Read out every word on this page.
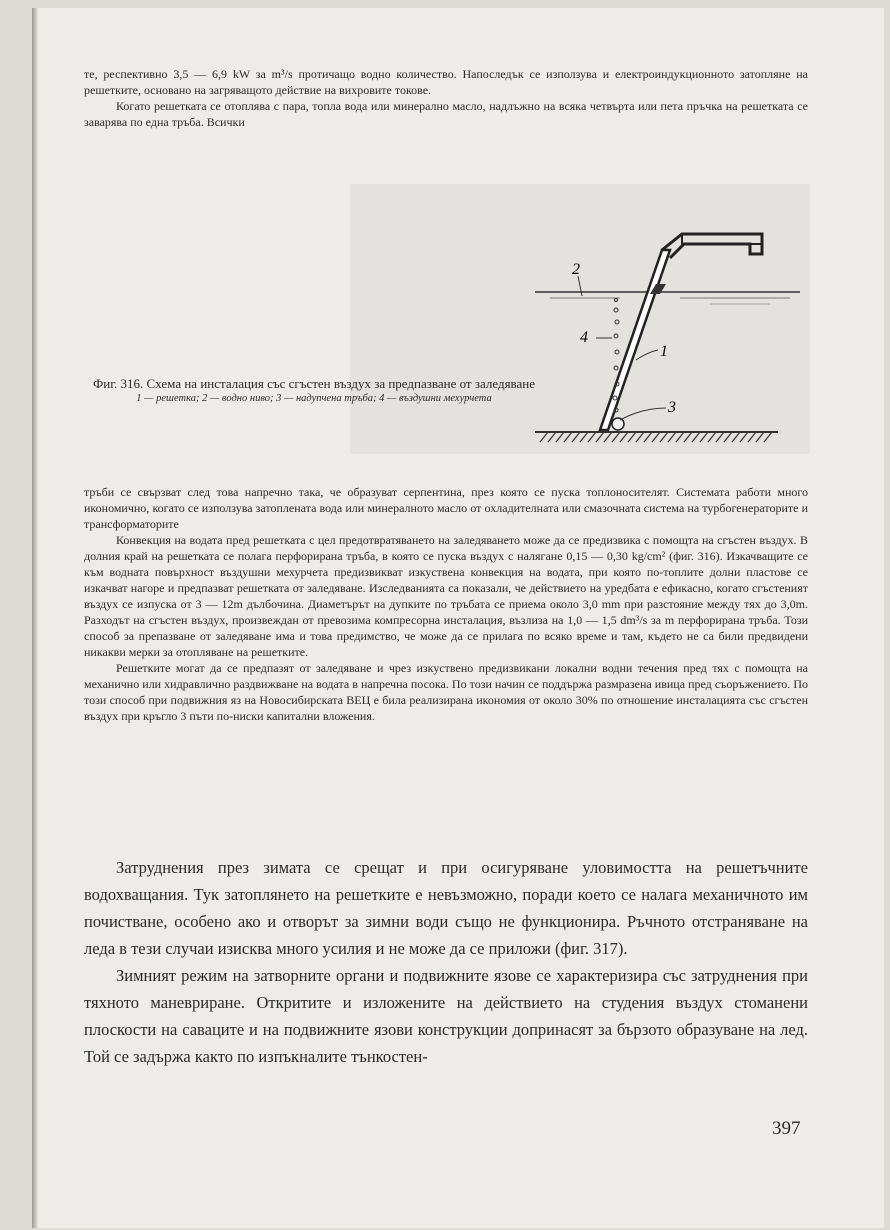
те, респективно 3,5 — 6,9 kW за m³/s протичащо водно количество. Напоследък се използува и електроиндукционното затопляне на решетките, основано на загряващото действие на вихровите токове.

Когато решетката се отоплява с пара, топла вода или минерално масло, надлъжно на всяка четвърта или пета пръчка на решетката се заварява по една тръба. Всички

2
4
1
3
Фиг. 316. Схема на инсталация със сгъстен въздух за предпазване от заледяване
1 — решетка; 2 — водно ниво; 3 — надупчена тръба; 4 — въздушни мехурчета

тръби се свързват след това напречно така, че образуват серпентина, през която се пуска топлоносителят. Системата работи много икономично, когато се използува затоплената вода или минералното масло от охладителната или смазочната система на турбогенераторите и трансформаторите

Конвекция на водата пред решетката с цел предотвратяването на заледяването може да се предизвика с помощта на сгъстен въздух. В долния край на решетката се полага перфорирана тръба, в която се пуска въздух с налягане 0,15 — 0,30 kg/cm² (фиг. 316). Изкачващите се към водната повърхност въздушни мехурчета предизвикват изкуствена конвекция на водата, при която по-топлите долни пластове се изкачват нагоре и предпазват решетката от заледяване. Изследванията са показали, че действието на уредбата е ефикасно, когато сгъстеният въздух се изпуска от 3 — 12m дълбочина. Диаметърът на дупките по тръбата се приема около 3,0 mm при разстояние между тях до 3,0m. Разходът на сгъстен въздух, произвеждан от превозима компресорна инсталация, възлиза на 1,0 — 1,5 dm³/s за m перфорирана тръба. Този способ за препазване от заледяване има и това предимство, че може да се прилага по всяко време и там, където не са били предвидени никакви мерки за отопляване на решетките.

Решетките могат да се предпазят от заледяване и чрез изкуствено предизвикани локални водни течения пред тях с помощта на механично или хидравлично раздвижване на водата в напречна посока. По този начин се поддържа размразена ивица пред съоръжението. По този способ при подвижния яз на Новосибирската ВЕЦ е била реализирана икономия от около 30% по отношение инсталацията със сгъстен въздух при кръгло 3 пъти по-ниски капитални вложения.

Затруднения през зимата се срещат и при осигуряване уловимостта на решетъчните водохващания. Тук затоплянето на решетките е невъзможно, поради което се налага механичното им почистване, особено ако и отворът за зимни води също не функционира. Ръчното отстраняване на леда в тези случаи изисква много усилия и не може да се приложи (фиг. 317).

Зимният режим на затворните органи и подвижните язове се характеризира със затруднения при тяхното маневриране. Откритите и изложените на действието на студения въздух стоманени плоскости на саваците и на подвижните язови конструкции допринасят за бързото образуване на лед. Той се задържа както по изпъкналите тънкостен-

397
